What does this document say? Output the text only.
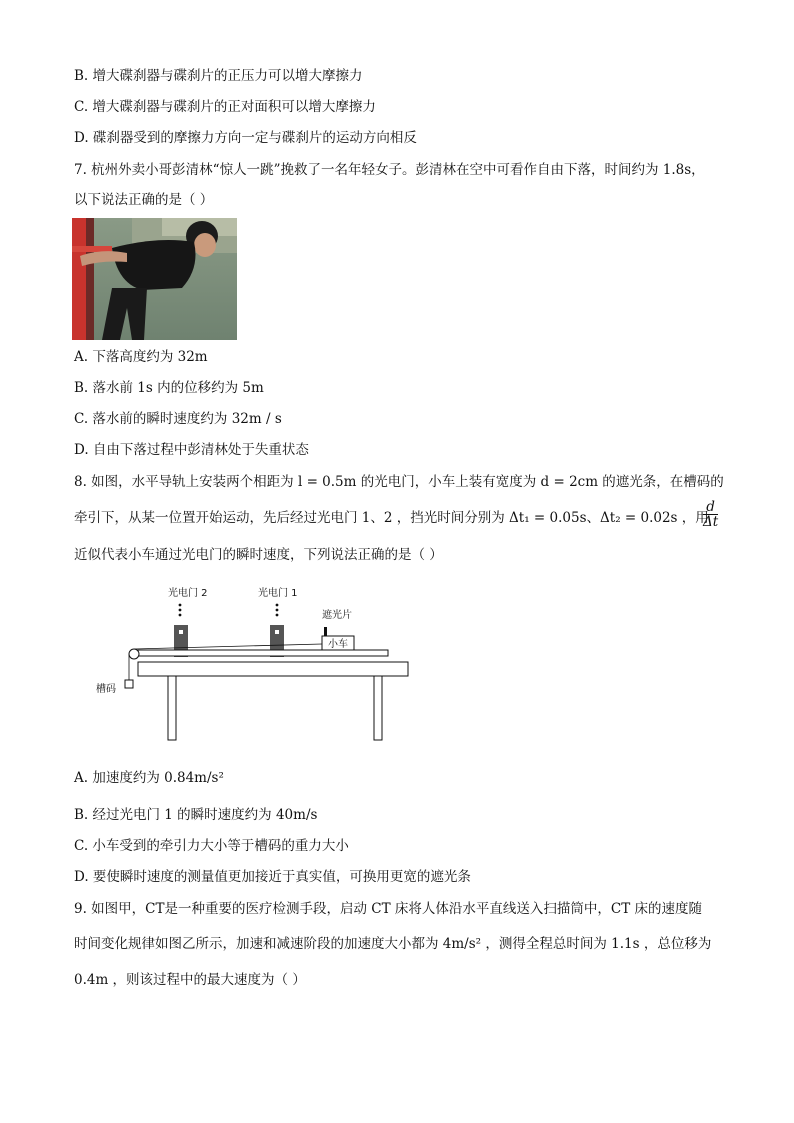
B. 增大碟刹器与碟刹片的正压力可以增大摩擦力
C. 增大碟刹器与碟刹片的正对面积可以增大摩擦力
D. 碟刹器受到的摩擦力方向一定与碟刹片的运动方向相反
7. 杭州外卖小哥彭清林“惊人一跳”挽救了一名年轻女子。彭清林在空中可看作自由下落，时间约为 1.8s，
以下说法正确的是（ ）
A. 下落高度约为 32m
B. 落水前 1s 内的位移约为 5m
C. 落水前的瞬时速度约为 32m / s
D. 自由下落过程中彭清林处于失重状态
8. 如图，水平导轨上安装两个相距为 l = 0.5m 的光电门，小车上装有宽度为 d = 2cm 的遮光条，在槽码的
牵引下，从某一位置开始运动，先后经过光电门 1、2 ，挡光时间分别为 Δt₁ = 0.05s、Δt₂ = 0.02s ，用
$\frac{d}{\Delta t}$
近似代表小车通过光电门的瞬时速度，下列说法正确的是（ ）
光电门 2	光电门 1
遮光片
小车
槽码
A. 加速度约为 0.84m/s²
B. 经过光电门 1 的瞬时速度约为 40m/s
C. 小车受到的牵引力大小等于槽码的重力大小
D. 要使瞬时速度的测量值更加接近于真实值，可换用更宽的遮光条
9. 如图甲，CT是一种重要的医疗检测手段，启动 CT 床将人体沿水平直线送入扫描筒中，CT 床的速度随
时间变化规律如图乙所示，加速和减速阶段的加速度大小都为 4m/s² ，测得全程总时间为 1.1s ，总位移为
0.4m ，则该过程中的最大速度为（ ）
